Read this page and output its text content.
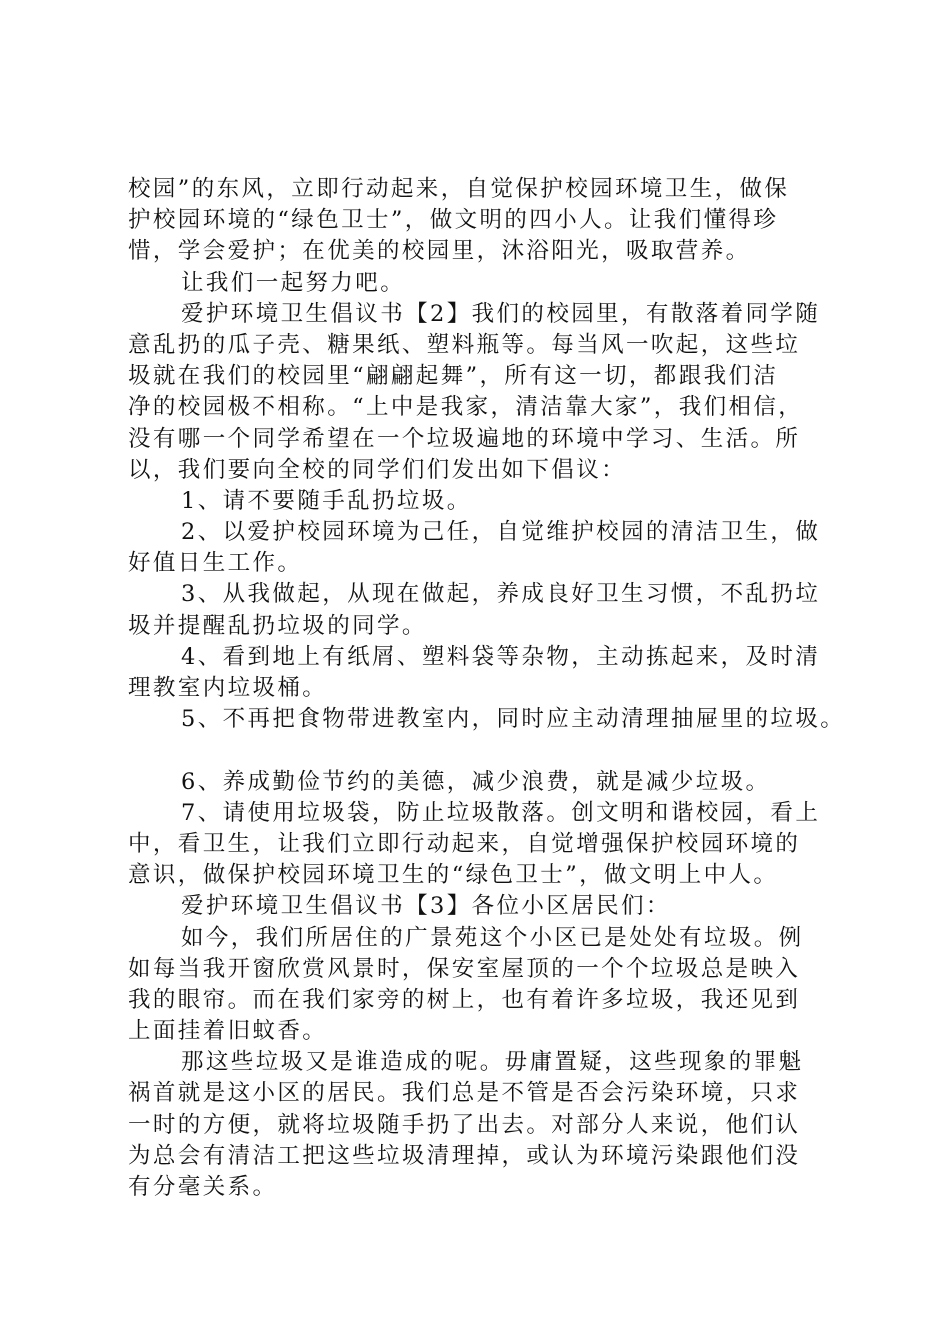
校园”的东风，立即行动起来，自觉保护校园环境卫生，做保
护校园环境的“绿色卫士”，做文明的四小人。让我们懂得珍
惜，学会爱护；在优美的校园里，沐浴阳光，吸取营养。
让我们一起努力吧。
爱护环境卫生倡议书【2】我们的校园里，有散落着同学随
意乱扔的瓜子壳、糖果纸、塑料瓶等。每当风一吹起，这些垃
圾就在我们的校园里“翩翩起舞”，所有这一切，都跟我们洁
净的校园极不相称。“上中是我家，清洁靠大家”，我们相信，
没有哪一个同学希望在一个垃圾遍地的环境中学习、生活。所
以，我们要向全校的同学们们发出如下倡议：
1、请不要随手乱扔垃圾。
2、以爱护校园环境为己任，自觉维护校园的清洁卫生，做
好值日生工作。
3、从我做起，从现在做起，养成良好卫生习惯，不乱扔垃
圾并提醒乱扔垃圾的同学。
4、看到地上有纸屑、塑料袋等杂物，主动拣起来，及时清
理教室内垃圾桶。
5、不再把食物带进教室内，同时应主动清理抽屉里的垃圾。
6、养成勤俭节约的美德，减少浪费，就是减少垃圾。
7、请使用垃圾袋，防止垃圾散落。创文明和谐校园，看上
中，看卫生，让我们立即行动起来，自觉增强保护校园环境的
意识，做保护校园环境卫生的“绿色卫士”，做文明上中人。
爱护环境卫生倡议书【3】各位小区居民们：
如今，我们所居住的广景苑这个小区已是处处有垃圾。例
如每当我开窗欣赏风景时，保安室屋顶的一个个垃圾总是映入
我的眼帘。而在我们家旁的树上，也有着许多垃圾，我还见到
上面挂着旧蚊香。
那这些垃圾又是谁造成的呢。毋庸置疑，这些现象的罪魁
祸首就是这小区的居民。我们总是不管是否会污染环境，只求
一时的方便，就将垃圾随手扔了出去。对部分人来说，他们认
为总会有清洁工把这些垃圾清理掉，或认为环境污染跟他们没
有分毫关系。
